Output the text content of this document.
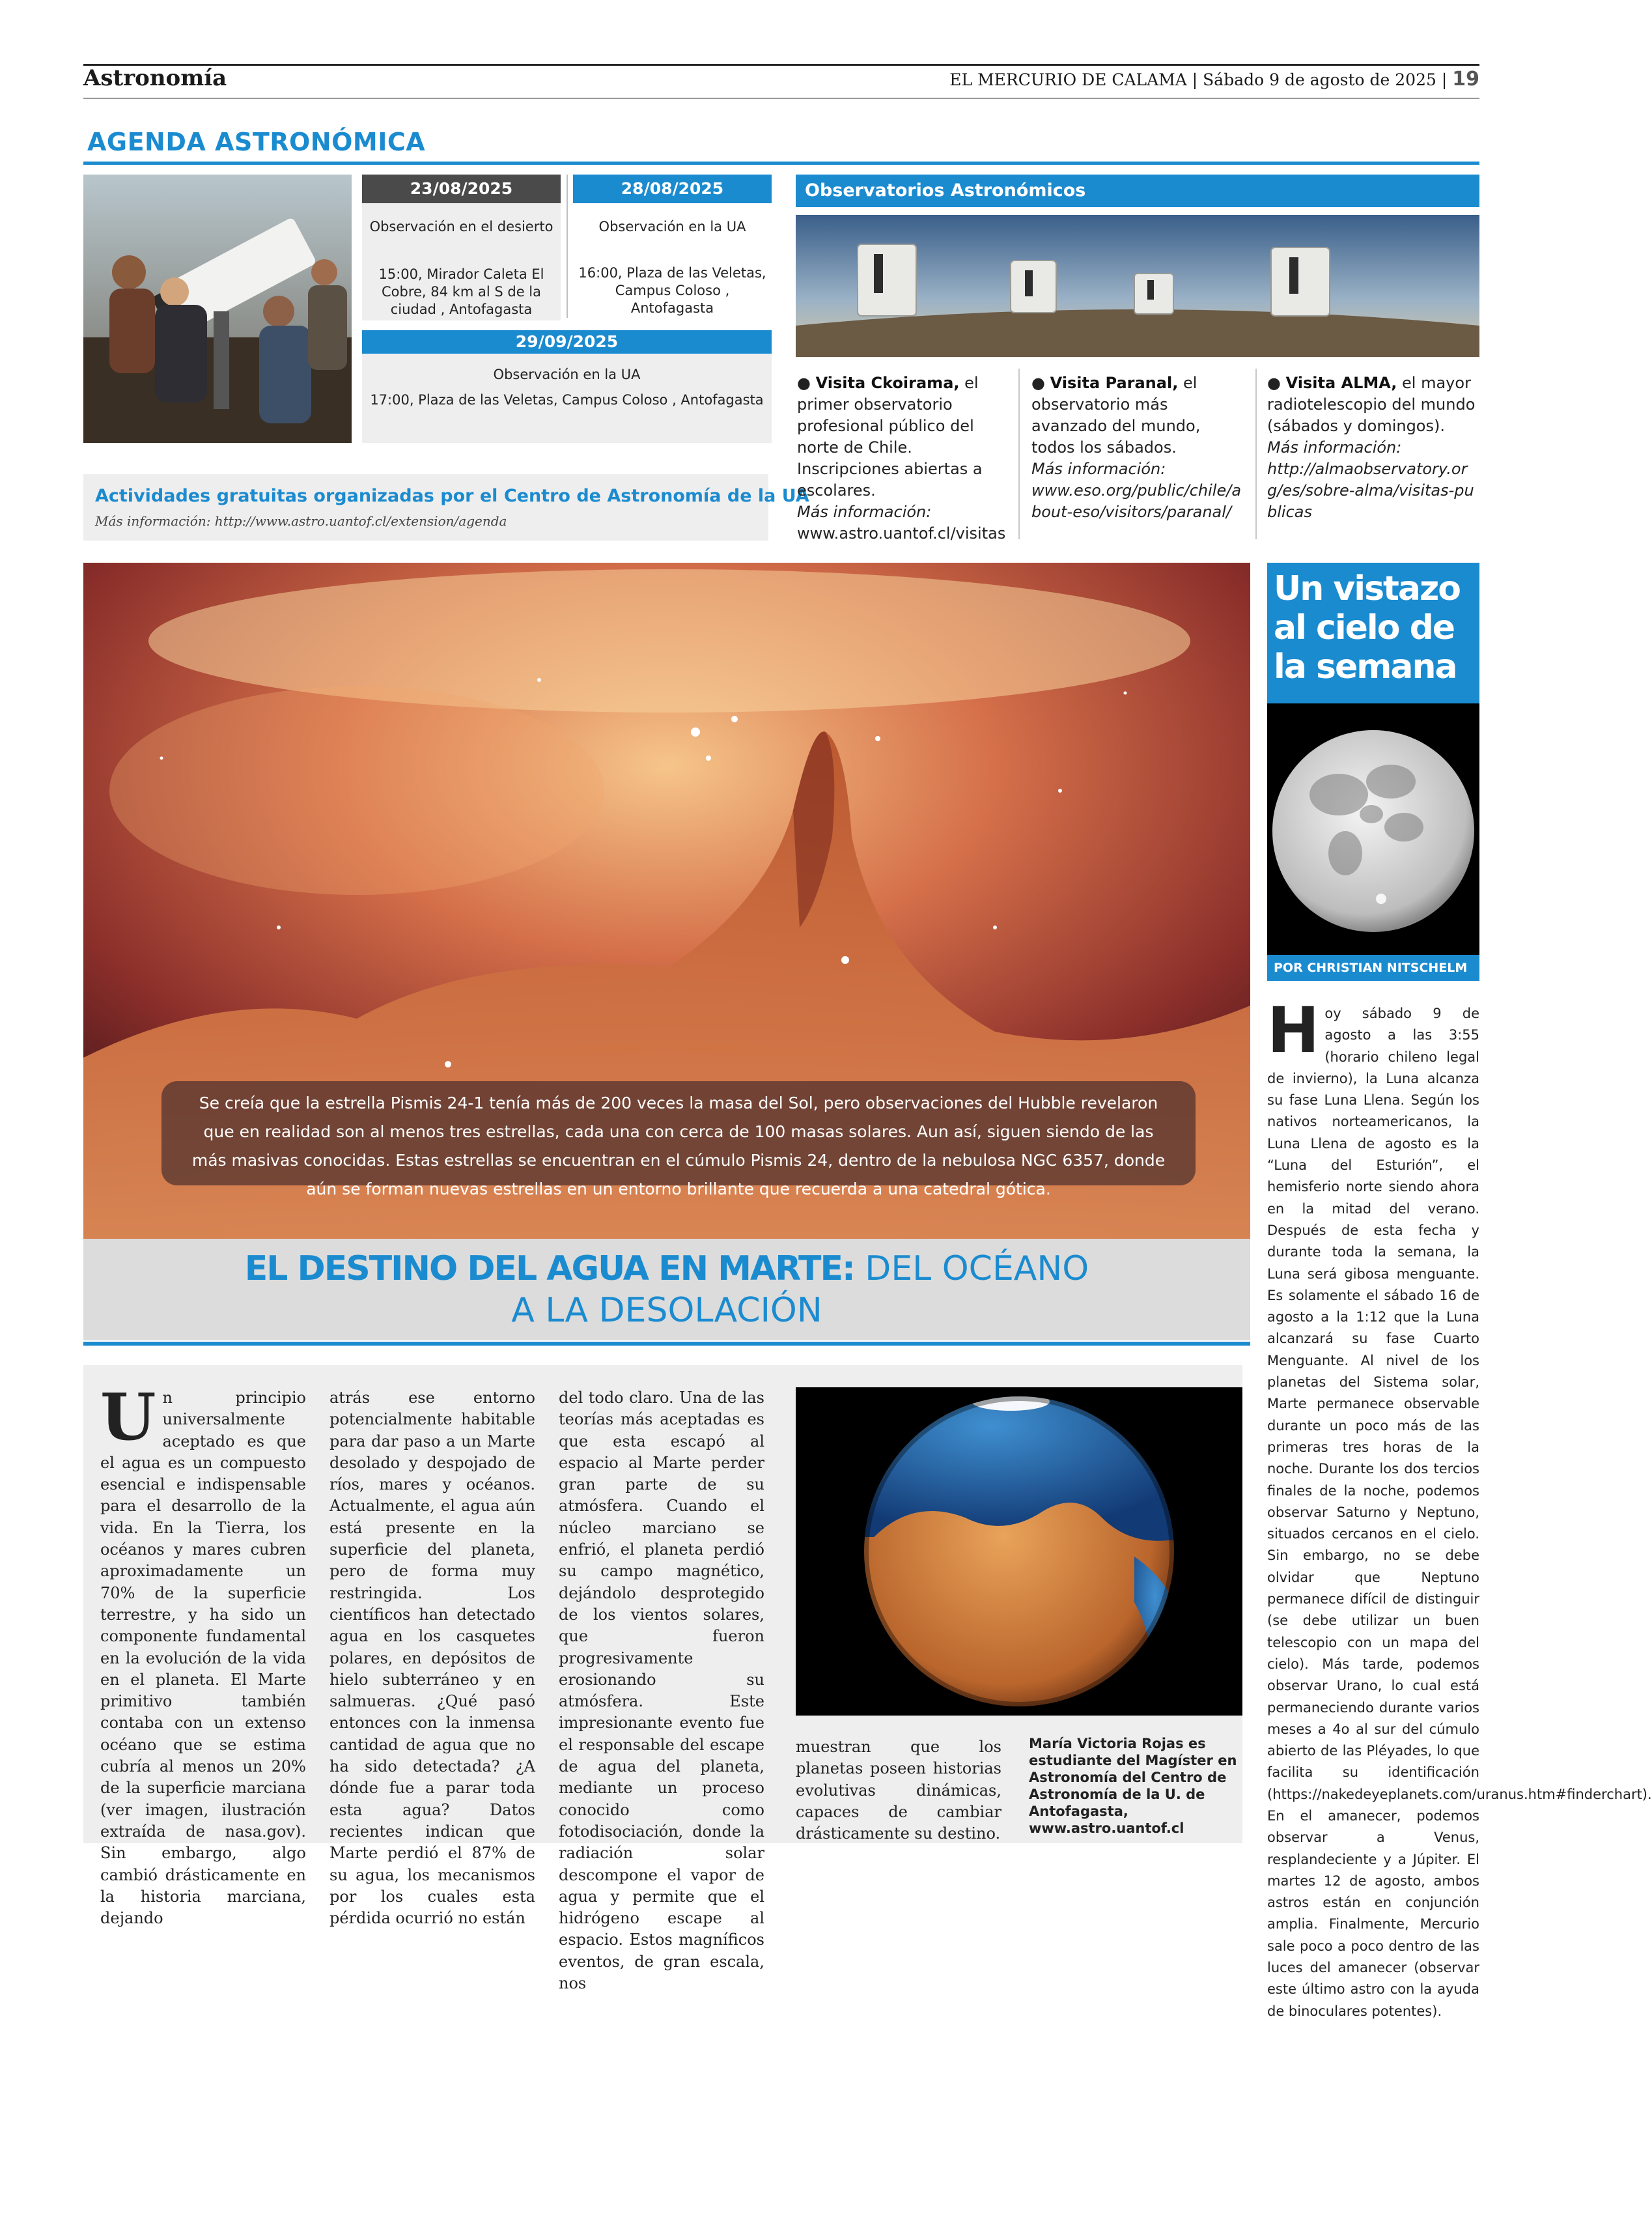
Astronomía	EL MERCURIO DE CALAMA | Sábado 9 de agosto de 2025 | 19
AGENDA ASTRONÓMICA
23/08/2025
Observación en el desierto
15:00, Mirador Caleta El Cobre, 84 km al S de la ciudad , Antofagasta
28/08/2025
Observación en la UA
16:00, Plaza de las Veletas, Campus Coloso , Antofagasta
29/09/2025
Observación en la UA
17:00, Plaza de las Veletas, Campus Coloso , Antofagasta
Actividades gratuitas organizadas por el Centro de Astronomía de la UA
Más información: http://www.astro.uantof.cl/extension/agenda
Observatorios Astronómicos
● Visita Ckoirama, el primer observatorio profesional público del norte de Chile. Inscripciones abiertas a escolares.
Más información:
www.astro.uantof.cl/visitas
● Visita Paranal, el observatorio más avanzado del mundo, todos los sábados.
Más información:
www.eso.org/public/chile/about-eso/visitors/paranal/
● Visita ALMA, el mayor radiotelescopio del mundo (sábados y domingos).
Más información:
http://almaobservatory.org/es/sobre-alma/visitas-publicas
Se creía que la estrella Pismis 24-1 tenía más de 200 veces la masa del Sol, pero observaciones del Hubble revelaron que en realidad son al menos tres estrellas, cada una con cerca de 100 masas solares. Aun así, siguen siendo de las más masivas conocidas. Estas estrellas se encuentran en el cúmulo Pismis 24, dentro de la nebulosa NGC 6357, donde aún se forman nuevas estrellas en un entorno brillante que recuerda a una catedral gótica.
EL DESTINO DEL AGUA EN MARTE: DEL OCÉANO
A LA DESOLACIÓN
Un principio universalmente aceptado es que el agua es un compuesto esencial e indispensable para el desarrollo de la vida. En la Tierra, los océanos y mares cubren aproximadamente un 70% de la superficie terrestre, y ha sido un componente fundamental en la evolución de la vida en el planeta. El Marte primitivo también contaba con un extenso océano que se estima cubría al menos un 20% de la superficie marciana (ver imagen, ilustración extraída de nasa.gov). Sin embargo, algo cambió drásticamente en la historia marciana, dejando
atrás ese entorno potencialmente habitable para dar paso a un Marte desolado y despojado de ríos, mares y océanos. Actualmente, el agua aún está presente en la superficie del planeta, pero de forma muy restringida. Los científicos han detectado agua en los casquetes polares, en depósitos de hielo subterráneo y en salmueras. ¿Qué pasó entonces con la inmensa cantidad de agua que no ha sido detectada? ¿A dónde fue a parar toda esta agua? Datos recientes indican que Marte perdió el 87% de su agua, los mecanismos por los cuales esta pérdida ocurrió no están
del todo claro. Una de las teorías más aceptadas es que esta escapó al espacio al Marte perder gran parte de su atmósfera. Cuando el núcleo marciano se enfrió, el planeta perdió su campo magnético, dejándolo desprotegido de los vientos solares, que fueron progresivamente erosionando su atmósfera. Este impresionante evento fue el responsable del escape de agua del planeta, mediante un proceso conocido como fotodisociación, donde la radiación solar descompone el vapor de agua y permite que el hidrógeno escape al espacio. Estos magníficos eventos, de gran escala, nos
muestran que los planetas poseen historias evolutivas dinámicas, capaces de cambiar drásticamente su destino.
María Victoria Rojas es estudiante del Magíster en Astronomía del Centro de Astronomía de la U. de Antofagasta, www.astro.uantof.cl
Un vistazo al cielo de la semana
POR CHRISTIAN NITSCHELM
Hoy sábado 9 de agosto a las 3:55 (horario chileno legal de invierno), la Luna alcanza su fase Luna Llena. Según los nativos norteamericanos, la Luna Llena de agosto es la “Luna del Esturión”, el hemisferio norte siendo ahora en la mitad del verano. Después de esta fecha y durante toda la semana, la Luna será gibosa menguante. Es solamente el sábado 16 de agosto a la 1:12 que la Luna alcanzará su fase Cuarto Menguante. Al nivel de los planetas del Sistema solar, Marte permanece observable durante un poco más de las primeras tres horas de la noche. Durante los dos tercios finales de la noche, podemos observar Saturno y Neptuno, situados cercanos en el cielo. Sin embargo, no se debe olvidar que Neptuno permanece difícil de distinguir (se debe utilizar un buen telescopio con un mapa del cielo). Más tarde, podemos observar Urano, lo cual está permaneciendo durante varios meses a 4o al sur del cúmulo abierto de las Pléyades, lo que facilita su identificación (https://nakedeyeplanets.com/uranus.htm#finderchart). En el amanecer, podemos observar a Venus, resplandeciente y a Júpiter. El martes 12 de agosto, ambos astros están en conjunción amplia. Finalmente, Mercurio sale poco a poco dentro de las luces del amanecer (observar este último astro con la ayuda de binoculares potentes).
